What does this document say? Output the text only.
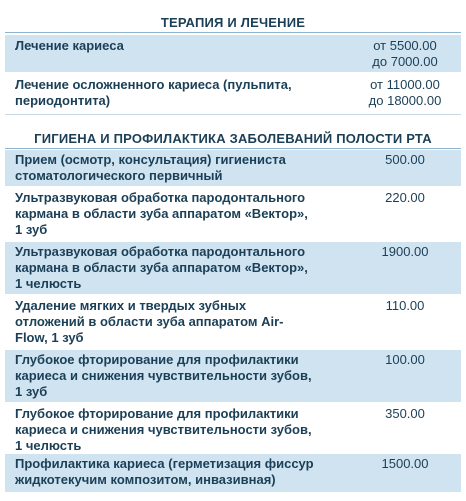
ТЕРАПИЯ И ЛЕЧЕНИЕ
Лечение кариеса	от 5500.00
до 7000.00
Лечение осложненного кариеса (пульпита,
периодонтита)
от 11000.00
до 18000.00
ГИГИЕНА И ПРОФИЛАКТИКА ЗАБОЛЕВАНИЙ ПОЛОСТИ РТА
Прием (осмотр, консультация) гигиениста
стоматологического первичный
500.00
Ультразвуковая обработка пародонтального
кармана в области зуба аппаратом «Вектор»,
1 зуб
220.00
Ультразвуковая обработка пародонтального
кармана в области зуба аппаратом «Вектор»,
1 челюсть
1900.00
Удаление мягких и твердых зубных
отложений в области зуба аппаратом Air-
Flow, 1 зуб
110.00
Глубокое фторирование для профилактики
кариеса и снижения чувствительности зубов,
1 зуб
100.00
Глубокое фторирование для профилактики
кариеса и снижения чувствительности зубов,
1 челюсть
350.00
Профилактика кариеса (герметизация фиссур
жидкотекучим композитом, инвазивная)
1500.00
